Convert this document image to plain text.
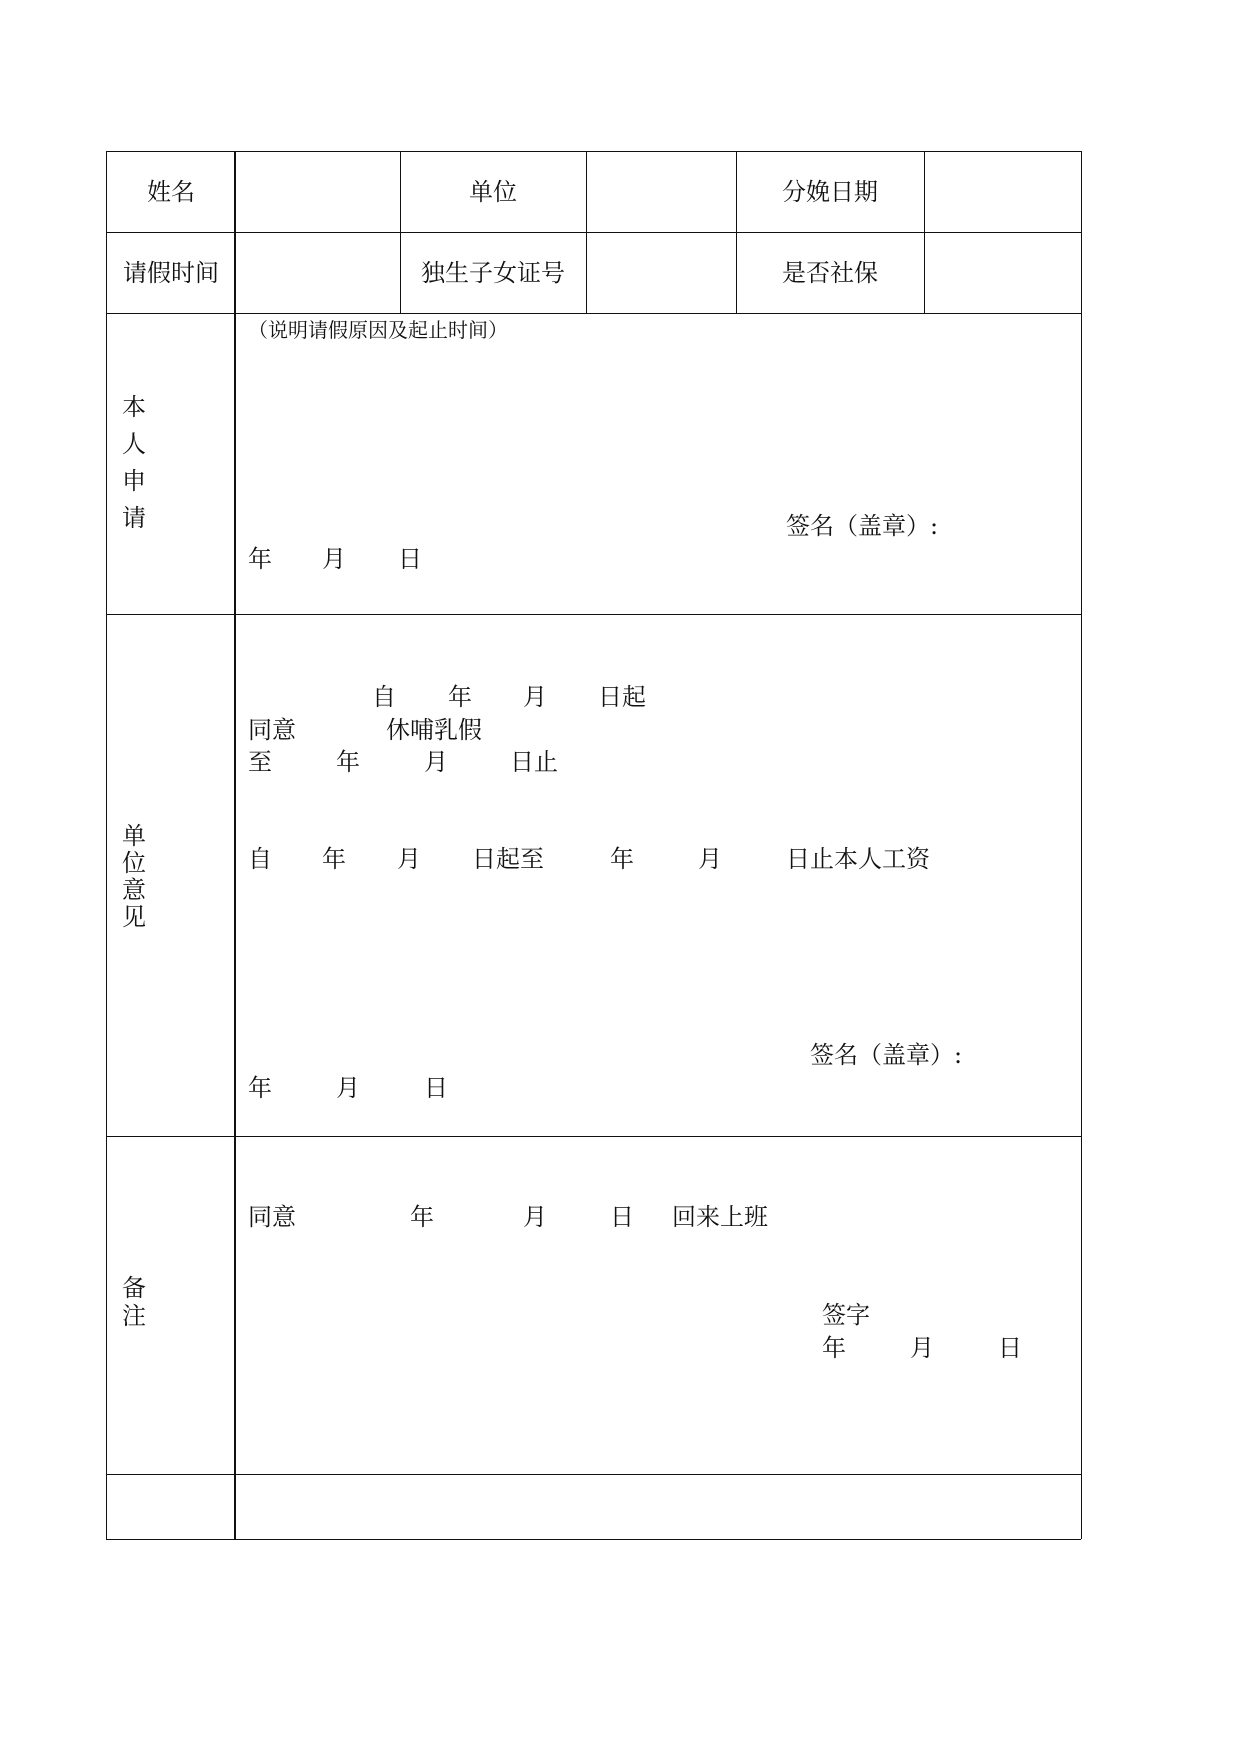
姓名	单位	分娩日期
请假时间	独生子女证号	是否社保
本
人
申
请
（说明请假原因及起止时间）
签名（盖章）:
年 月 日
单
位
意
见
自 年 月 日起
同意	休哺乳假
至	年	月	日止
自 年 月 日起至	年	月	日止本人工资
签名（盖章）:
年	月	日
备
注
同意	年	月	日 回来上班
签字
年	月	日
